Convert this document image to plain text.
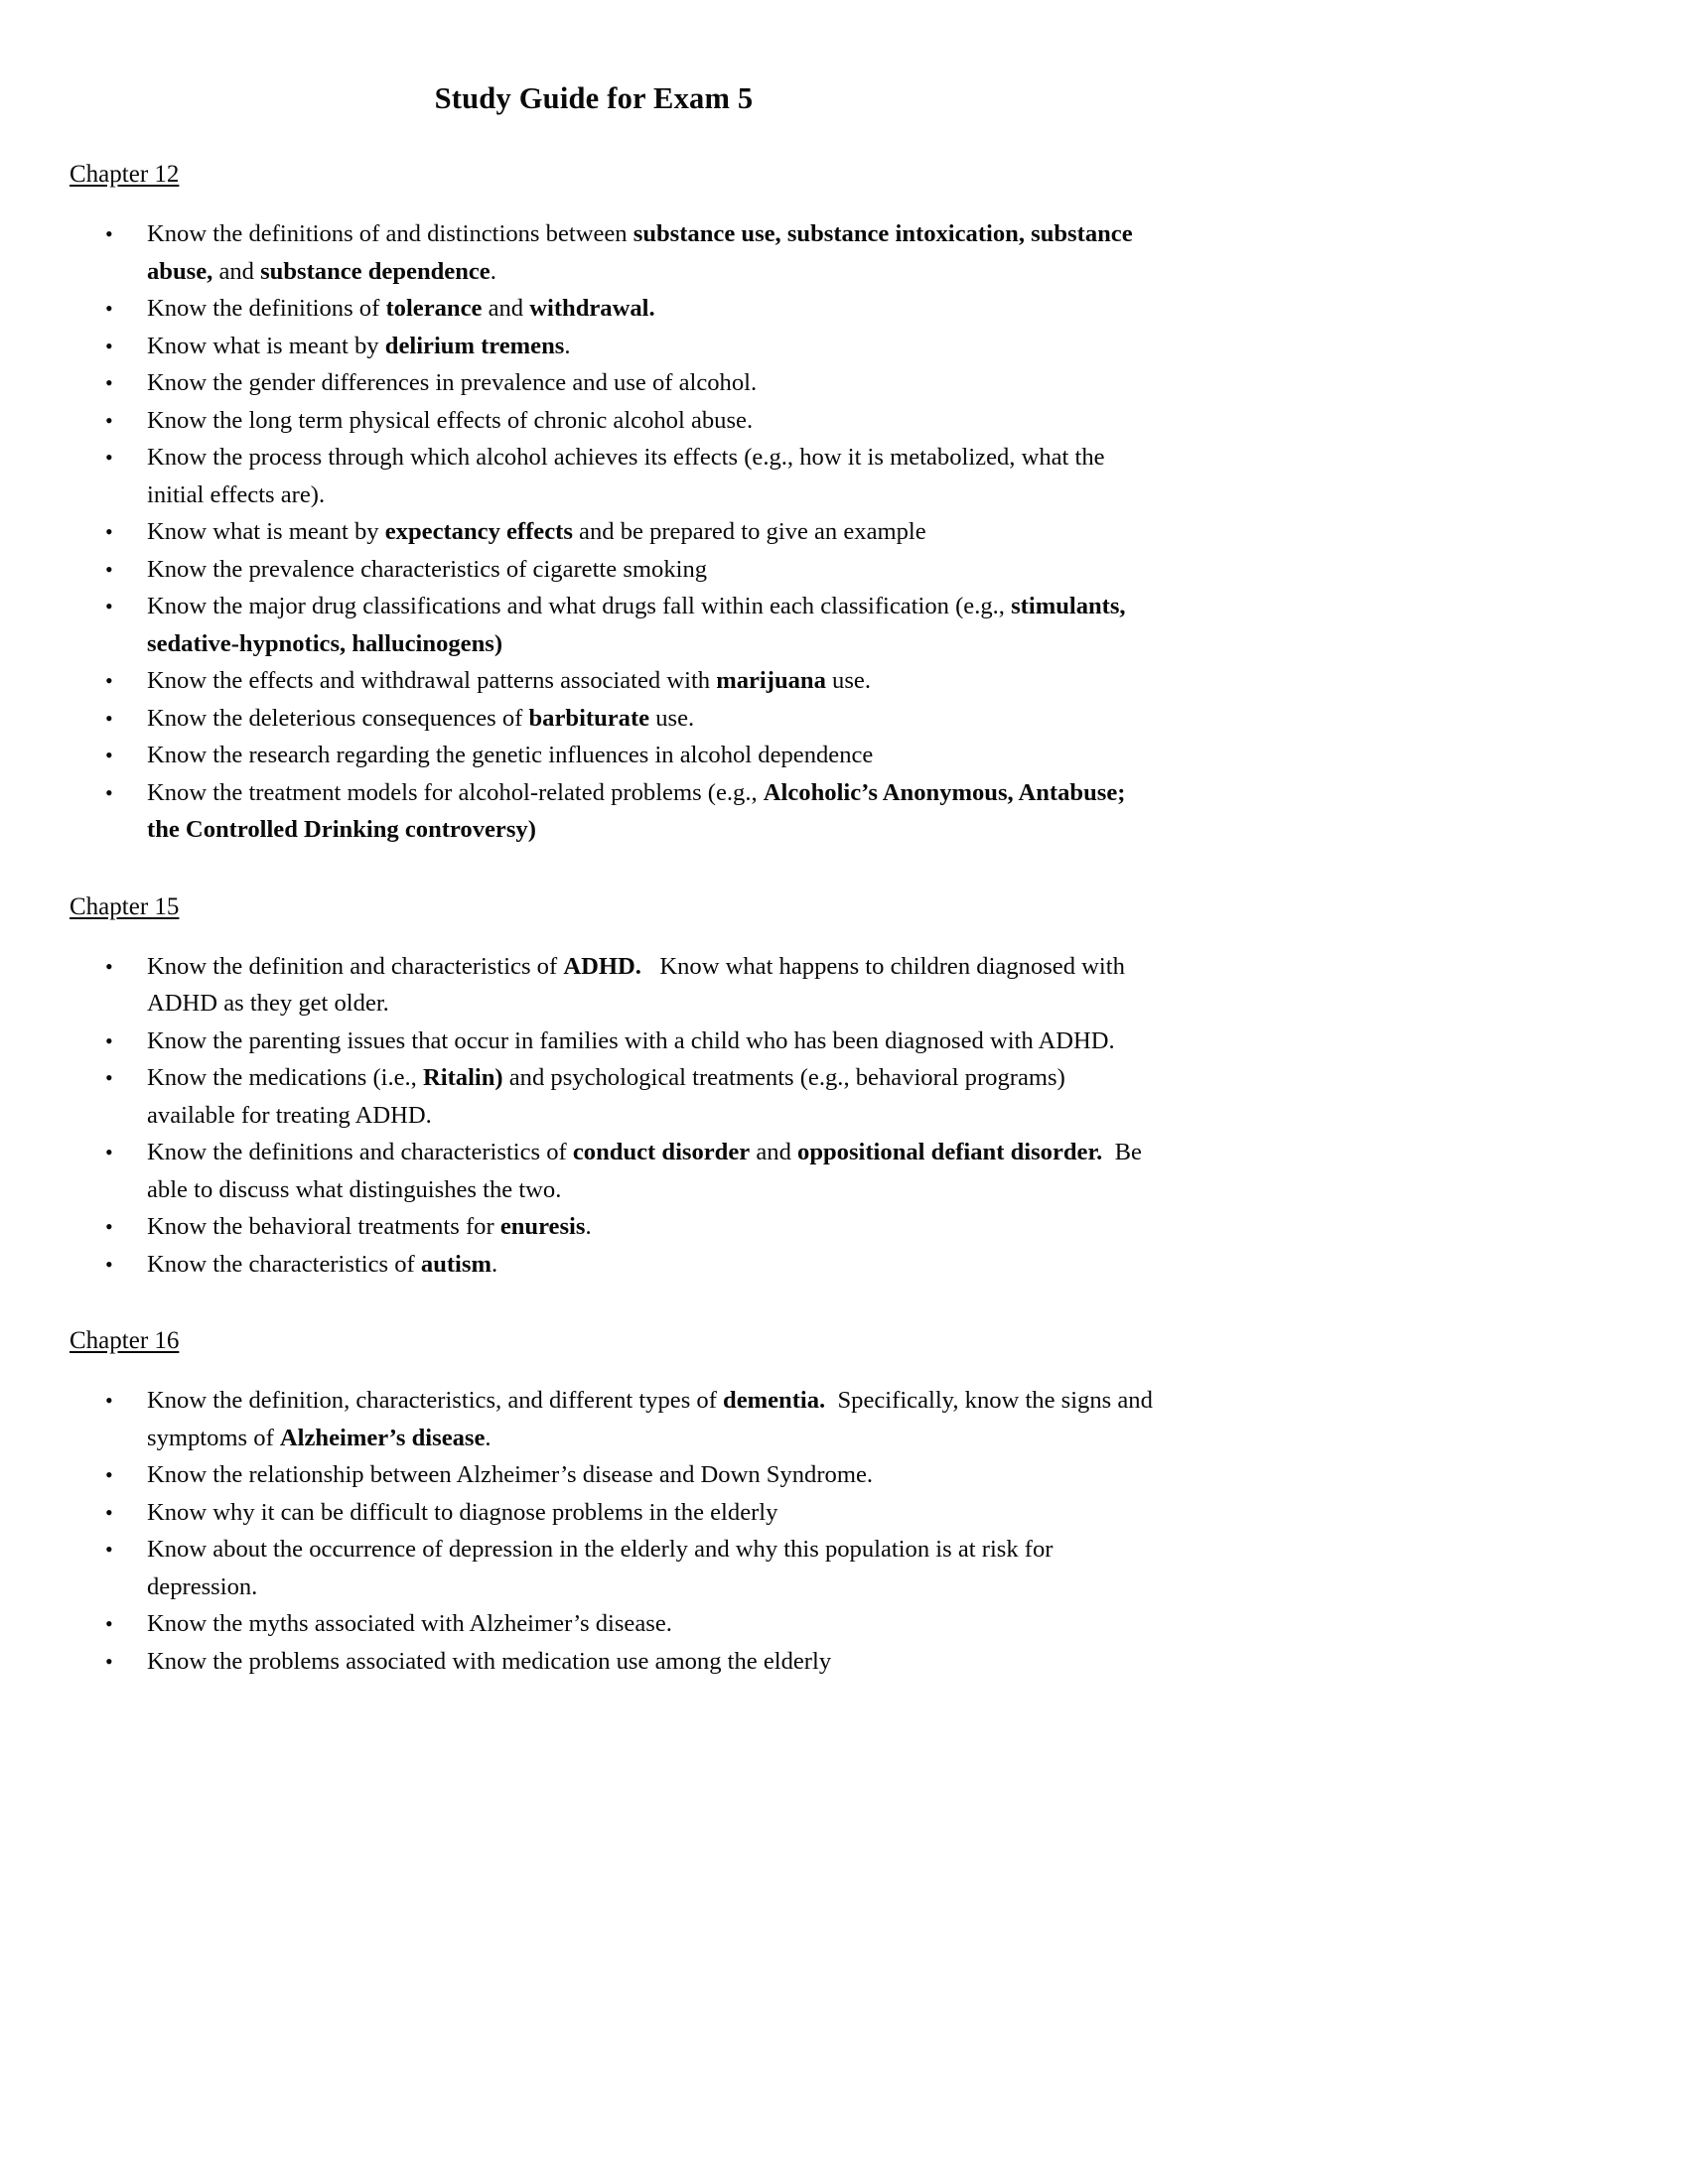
Study Guide for Exam 5
Chapter 12
•
Know the definitions of and distinctions between substance use, substance intoxication, substance abuse, and substance dependence.
•
Know the definitions of tolerance and withdrawal.
•
Know what is meant by delirium tremens.
•
Know the gender differences in prevalence and use of alcohol.
•
Know the long term physical effects of chronic alcohol abuse.
•
Know the process through which alcohol achieves its effects (e.g., how it is metabolized, what the initial effects are).
•
Know what is meant by expectancy effects and be prepared to give an example
•
Know the prevalence characteristics of cigarette smoking
•
Know the major drug classifications and what drugs fall within each classification (e.g., stimulants, sedative-hypnotics, hallucinogens)
•
Know the effects and withdrawal patterns associated with marijuana use.
•
Know the deleterious consequences of barbiturate use.
•
Know the research regarding the genetic influences in alcohol dependence
•
Know the treatment models for alcohol-related problems (e.g., Alcoholic’s Anonymous, Antabuse; the Controlled Drinking controversy)
Chapter 15
•
Know the definition and characteristics of ADHD.   Know what happens to children diagnosed with ADHD as they get older.
•
Know the parenting issues that occur in families with a child who has been diagnosed with ADHD.
•
Know the medications (i.e., Ritalin) and psychological treatments (e.g., behavioral programs) available for treating ADHD.
•
Know the definitions and characteristics of conduct disorder and oppositional defiant disorder.  Be able to discuss what distinguishes the two.
•
Know the behavioral treatments for enuresis.
•
Know the characteristics of autism.
Chapter 16
•
Know the definition, characteristics, and different types of dementia.  Specifically, know the signs and symptoms of Alzheimer’s disease.
•
Know the relationship between Alzheimer’s disease and Down Syndrome.
•
Know why it can be difficult to diagnose problems in the elderly
•
Know about the occurrence of depression in the elderly and why this population is at risk for depression.
•
Know the myths associated with Alzheimer’s disease.
•
Know the problems associated with medication use among the elderly
